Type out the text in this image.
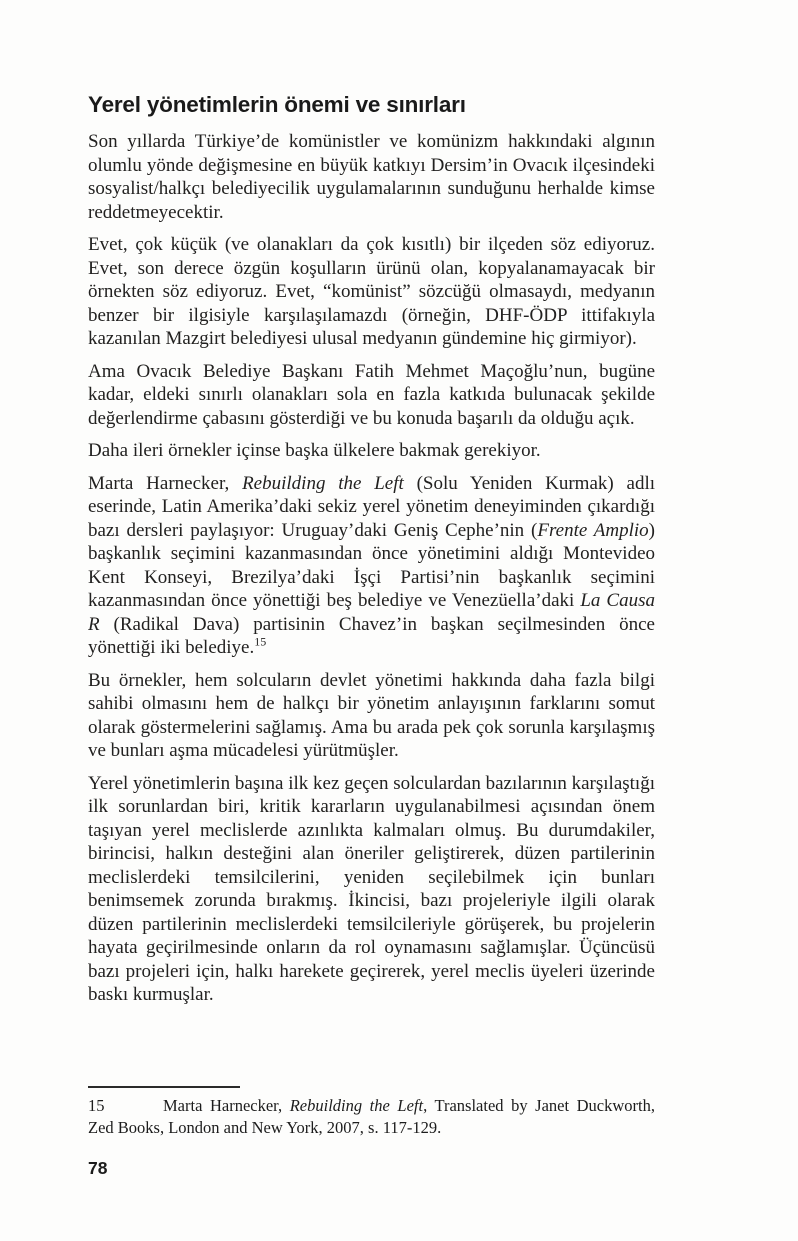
Yerel yönetimlerin önemi ve sınırları

Son yıllarda Türkiye’de komünistler ve komünizm hakkındaki algının olumlu yönde değişmesine en büyük katkıyı Dersim’in Ovacık ilçesindeki sosyalist/halkçı belediyecilik uygulamalarının sunduğunu herhalde kimse reddetmeyecektir.

Evet, çok küçük (ve olanakları da çok kısıtlı) bir ilçeden söz ediyoruz. Evet, son derece özgün koşulların ürünü olan, kopyalanamayacak bir örnekten söz ediyoruz. Evet, “komünist” sözcüğü olmasaydı, medyanın benzer bir ilgisiyle karşılaşılamazdı (örneğin, DHF-ÖDP ittifakıyla kazanılan Mazgirt belediyesi ulusal medyanın gündemine hiç girmiyor).

Ama Ovacık Belediye Başkanı Fatih Mehmet Maçoğlu’nun, bugüne kadar, eldeki sınırlı olanakları sola en fazla katkıda bulunacak şekilde değerlendirme çabasını gösterdiği ve bu konuda başarılı da olduğu açık.

Daha ileri örnekler içinse başka ülkelere bakmak gerekiyor.

Marta Harnecker, Rebuilding the Left (Solu Yeniden Kurmak) adlı eserinde, Latin Amerika’daki sekiz yerel yönetim deneyiminden çıkardığı bazı dersleri paylaşıyor: Uruguay’daki Geniş Cephe’nin (Frente Amplio) başkanlık seçimini kazanmasından önce yönetimini aldığı Montevideo Kent Konseyi, Brezilya’daki İşçi Partisi’nin başkanlık seçimini kazanmasından önce yönettiği beş belediye ve Venezüella’daki La Causa R (Radikal Dava) partisinin Chavez’in başkan seçilmesinden önce yönettiği iki belediye.$^{15}$

Bu örnekler, hem solcuların devlet yönetimi hakkında daha fazla bilgi sahibi olmasını hem de halkçı bir yönetim anlayışının farklarını somut olarak göstermelerini sağlamış. Ama bu arada pek çok sorunla karşılaşmış ve bunları aşma mücadelesi yürütmüşler.

Yerel yönetimlerin başına ilk kez geçen solculardan bazılarının karşılaştığı ilk sorunlardan biri, kritik kararların uygulanabilmesi açısından önem taşıyan yerel meclislerde azınlıkta kalmaları olmuş. Bu durumdakiler, birincisi, halkın desteğini alan öneriler geliştirerek, düzen partilerinin meclislerdeki temsilcilerini, yeniden seçilebilmek için bunları benimsemek zorunda bırakmış. İkincisi, bazı projeleriyle ilgili olarak düzen partilerinin meclislerdeki temsilcileriyle görüşerek, bu projelerin hayata geçirilmesinde onların da rol oynamasını sağlamışlar. Üçüncüsü bazı projeleri için, halkı harekete geçirerek, yerel meclis üyeleri üzerinde baskı kurmuşlar.

15	Marta Harnecker, Rebuilding the Left, Translated by Janet Duckworth, Zed Books, London and New York, 2007, s. 117-129.

78
